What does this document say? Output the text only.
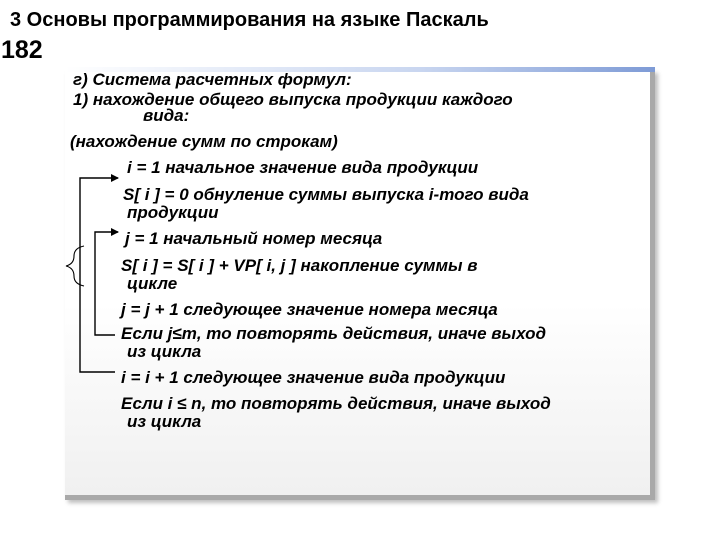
3 Основы программирования на языке Паскаль
182
г) Система расчетных формул:
1) нахождение общего выпуска продукции каждого
вида:
(нахождение сумм по строкам)
i = 1 начальное значение вида продукции
S[ i ] = 0 обнуление суммы выпуска i-того вида
продукции
j = 1 начальный номер месяца
S[ i ] = S[ i ] + VP[ i, j ] накопление суммы в
цикле
j = j + 1 следующее значение номера месяца
Если j≤m, то повторять действия, иначе выход
из цикла
i = i + 1 следующее значение вида продукции
Если i ≤ n, то повторять действия, иначе выход
из цикла
